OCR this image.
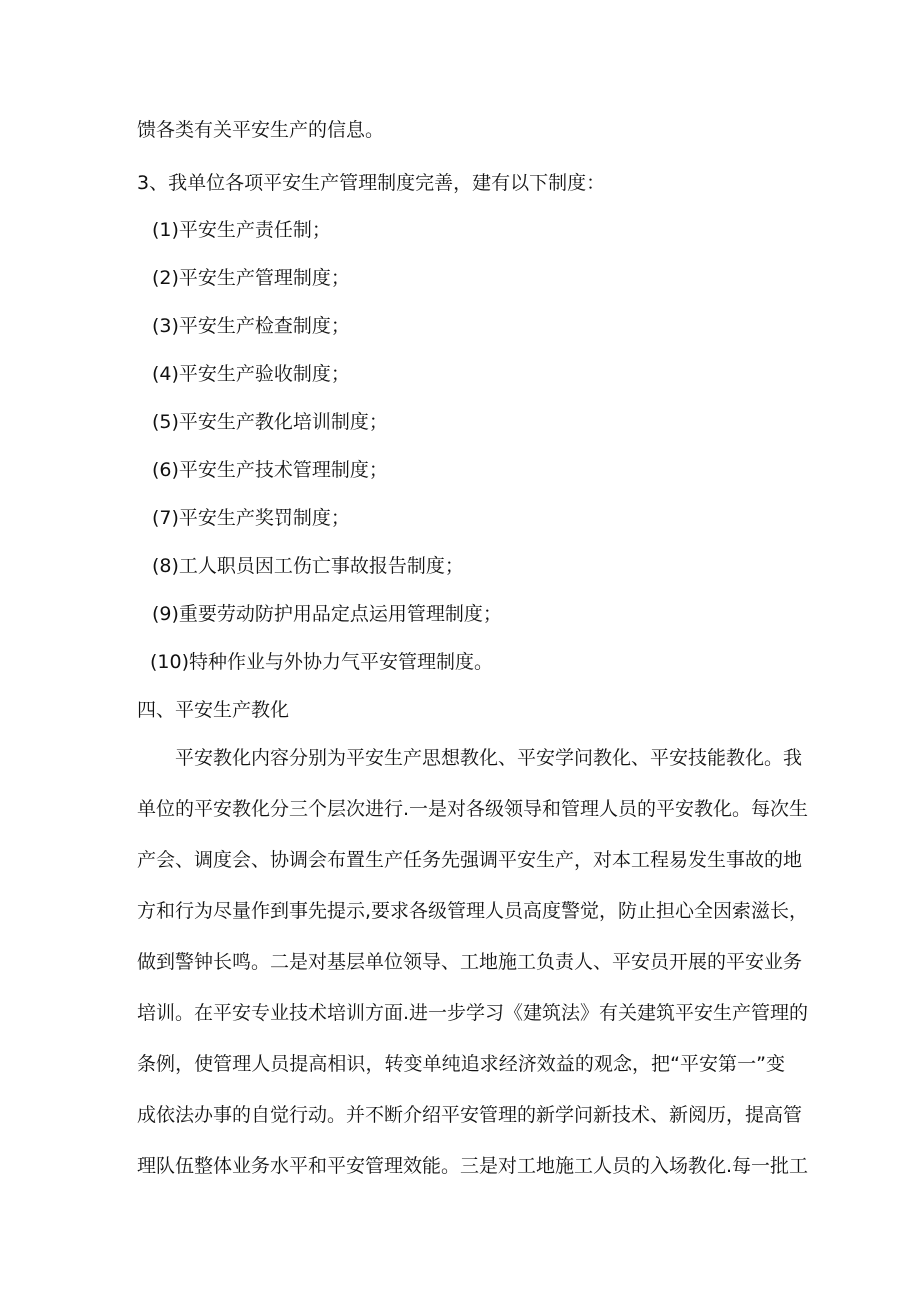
馈各类有关平安生产的信息。
3、我单位各项平安生产管理制度完善，建有以下制度：
(1)平安生产责任制；
(2)平安生产管理制度；
(3)平安生产检查制度；
(4)平安生产验收制度；
(5)平安生产教化培训制度；
(6)平安生产技术管理制度；
(7)平安生产奖罚制度；
(8)工人职员因工伤亡事故报告制度；
(9)重要劳动防护用品定点运用管理制度；
(10)特种作业与外协力气平安管理制度。
四、平安生产教化
平安教化内容分别为平安生产思想教化、平安学问教化、平安技能教化。我
单位的平安教化分三个层次进行.一是对各级领导和管理人员的平安教化。每次生
产会、调度会、协调会布置生产任务先强调平安生产，对本工程易发生事故的地
方和行为尽量作到事先提示,要求各级管理人员高度警觉，防止担心全因索滋长，
做到警钟长鸣。二是对基层单位领导、工地施工负责人、平安员开展的平安业务
培训。在平安专业技术培训方面.进一步学习《建筑法》有关建筑平安生产管理的
条例，使管理人员提高相识，转变单纯追求经济效益的观念，把“平安第一”变
成依法办事的自觉行动。并不断介绍平安管理的新学问新技术、新阅历，提高管
理队伍整体业务水平和平安管理效能。三是对工地施工人员的入场教化.每一批工
